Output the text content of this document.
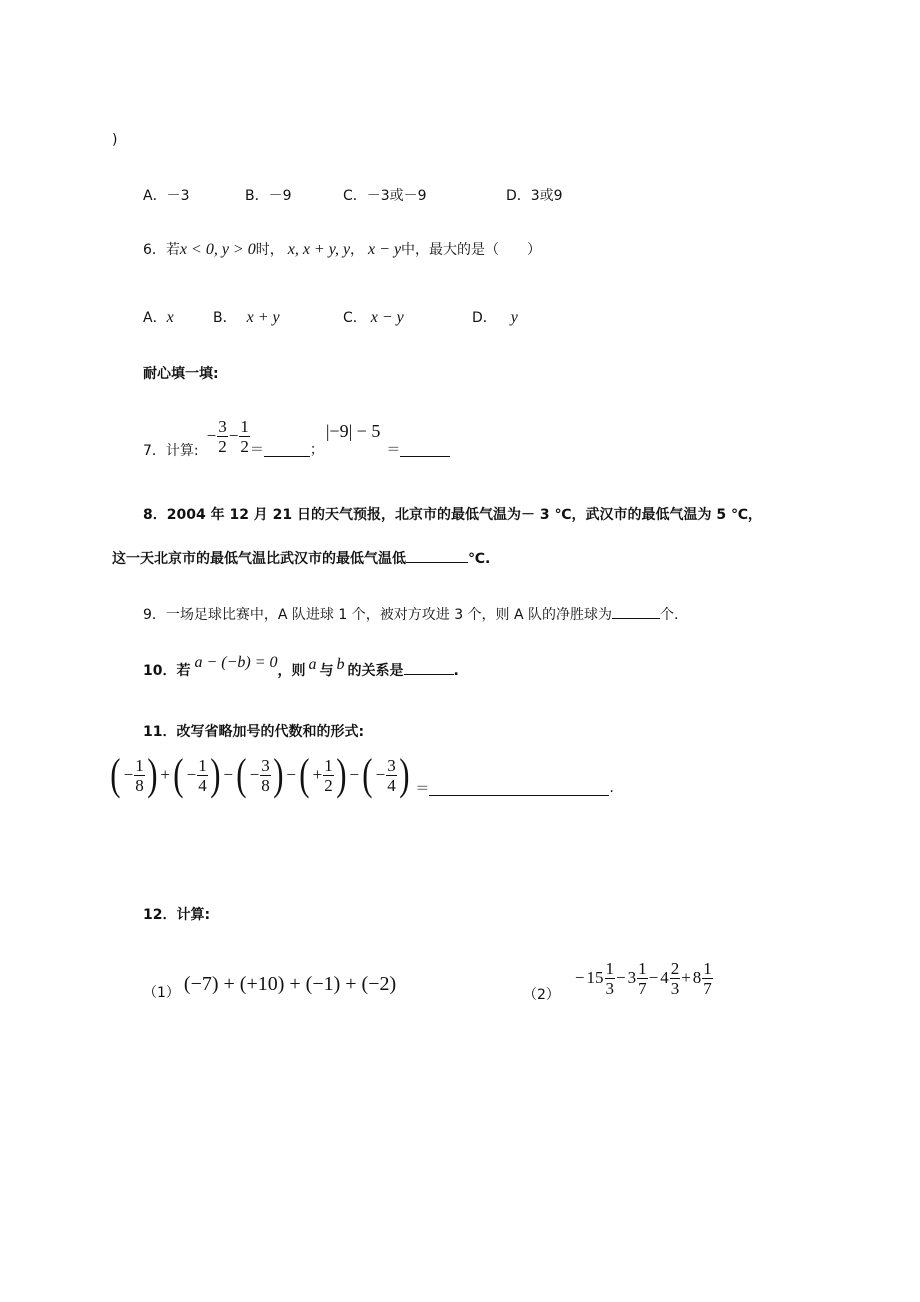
)
A．－3	B．－9	C．－3或－9	D．3或9
6．若x < 0, y > 0时， x, x + y, y， x − y中，最大的是（　　）
A．x	B． x + y	C． x − y	D． y
耐心填一填:
7．计算:
− $\frac{3}{2} - \frac{1}{2}$ ＝	；
|−9| − 5
＝
8．2004 年 12 月 21 日的天气预报，北京市的最低气温为－ 3 ℃，武汉市的最低气温为 5 ℃，
这一天北京市的最低气温比武汉市的最低气温低	℃.
9．一场足球比赛中，A 队进球 1 个，被对方攻进 3 个，则 A 队的净胜球为	个.
10．若 a − (−b) = 0，则 a 与 b 的关系是	.
11．改写省略加号的代数和的形式:
( − $\frac{1}{8}$ ) + ( − $\frac{1}{4}$ ) − ( − $\frac{3}{8}$ ) − ( + $\frac{1}{2}$ ) − ( − $\frac{3}{4}$ ) ＝	.
12．计算:
（1） (−7) + (+10) + (−1) + (−2)
（2）
− $15 \frac{1}{3} - 3 \frac{1}{7} - 4 \frac{2}{3} + 8 \frac{1}{7}$
